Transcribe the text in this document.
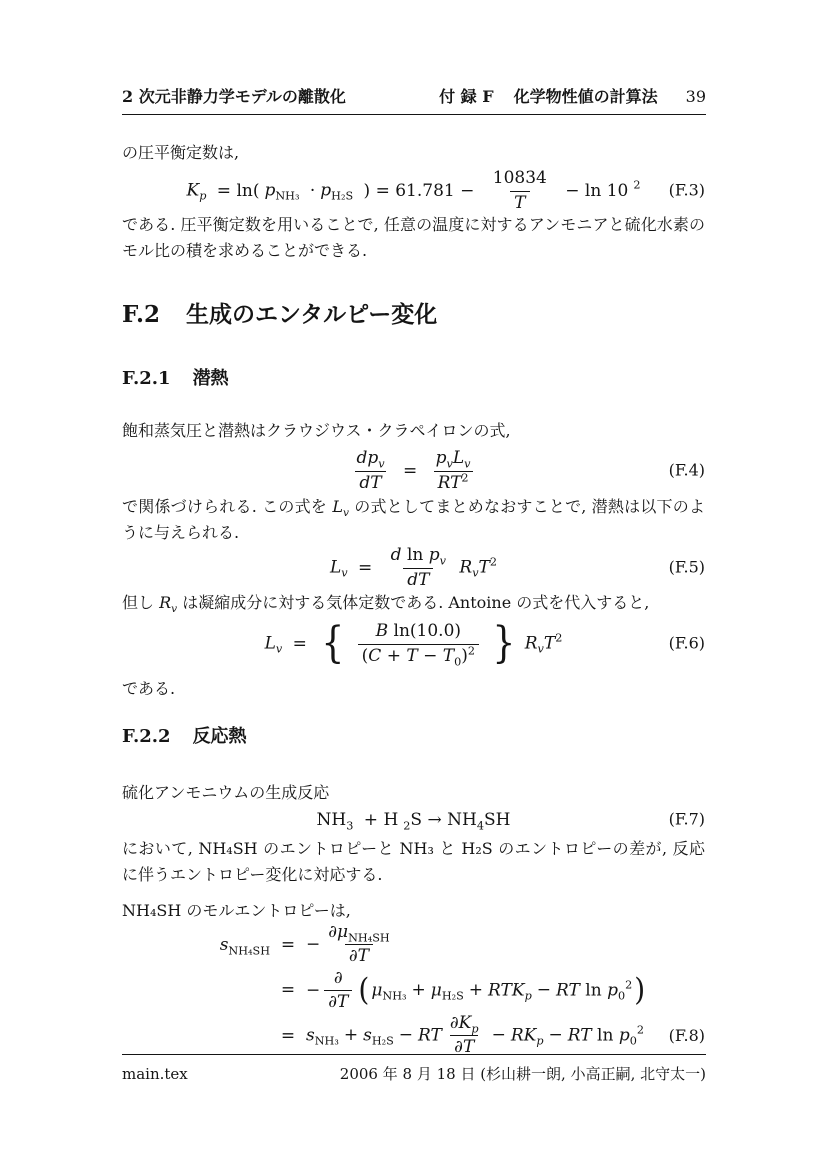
2 次元非静力学モデルの離散化	付 録 F 化学物性値の計算法 39

の圧平衡定数は,

$K_p = \ln$( $p_{NH_3} \cdot p_{H_2S}$ ) = $61.781 - \frac{10834}{T} - \ln 10$ $^2$ (F.3)

である. 圧平衡定数を用いることで, 任意の温度に対するアンモニアと硫化水素のモル比の積を求めることができる.

F.2 生成のエンタルピー変化
F.2.1 潜熱

飽和蒸気圧と潜熱はクラウジウス・クラペイロンの式,

$\frac{dp_v}{dT} = \frac{p_vL_v}{RT^2}$	(F.4)

で関係づけられる. この式を $L_v$ の式としてまとめなおすことで, 潜熱は以下のように与えられる.

$L_v = \frac{d \ln p_v}{dT} R_vT^2$	(F.5)

但し $R_v$ は凝縮成分に対する気体定数である. Antoine の式を代入すると,

$L_v$ = { $\frac{\text{B ln(10.0)}}{(C + T - T_0)^2}$ } $R_vT^2$	(F.6)

である.

F.2.2 反応熱

硫化アンモニウムの生成反応

$NH_3 + H$ $_2S \to NH_4SH$	(F.7)

において, NH₄SH のエントロピーと NH₃ と H₂S のエントロピーの差が, 反応に伴うエントロピー変化に対応する.

NH₄SH のモルエントロピーは,

$s_{NH_4SH}$ = − $\frac{\partial\mu_{NH_4SH}}{\partial T}$
= − $\frac{\partial}{\partial T}$ ( $\mu_{NH_3} + \mu_{H_2S} + RTK_p$ − RT $\ln p_0^2$)
= $s_{NH_3} + s_{H_2S}$ − RT $\frac{\partial K_p}{\partial T} - RK_p$ − RT $\ln p_0^2$	(F.8)
main.tex	2006 年 8 月 18 日 (杉山耕一朗, 小高正嗣, 北守太一)
